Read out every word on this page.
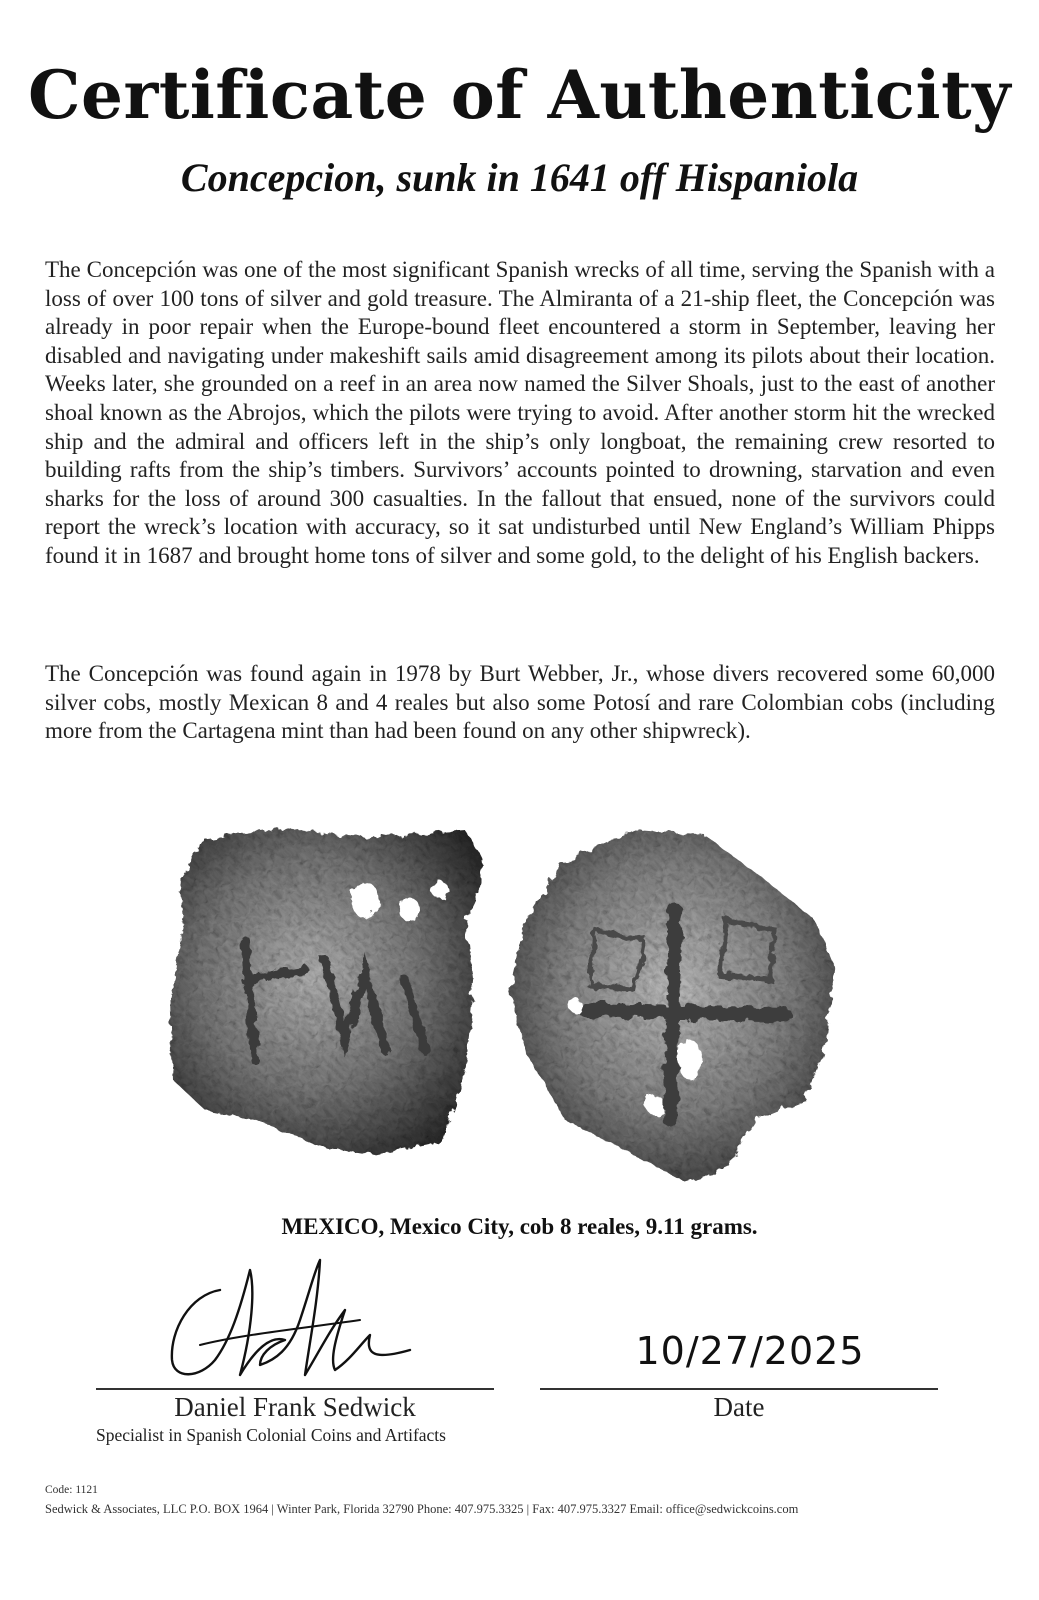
Certificate of Authenticity
Concepcion, sunk in 1641 off Hispaniola

The Concepción was one of the most significant Spanish wrecks of all time, serving the Spanish with a loss of over 100 tons of silver and gold treasure. The Almiranta of a 21-ship fleet, the Concepción was already in poor repair when the Europe-bound fleet encountered a storm in September, leaving her disabled and navigating under makeshift sails amid disagreement among its pilots about their location. Weeks later, she grounded on a reef in an area now named the Silver Shoals, just to the east of another shoal known as the Abrojos, which the pilots were trying to avoid. After another storm hit the wrecked ship and the admiral and officers left in the ship’s only longboat, the remaining crew resorted to building rafts from the ship’s timbers. Survivors’ accounts pointed to drowning, starvation and even sharks for the loss of around 300 casualties. In the fallout that ensued, none of the survivors could report the wreck’s location with accuracy, so it sat undisturbed until New England’s William Phipps found it in 1687 and brought home tons of silver and some gold, to the delight of his English backers.

The Concepción was found again in 1978 by Burt Webber, Jr., whose divers recovered some 60,000 silver cobs, mostly Mexican 8 and 4 reales but also some Potosí and rare Colombian cobs (including more from the Cartagena mint than had been found on any other shipwreck).

MEXICO, Mexico City, cob 8 reales, 9.11 grams.

10/27/2025

Daniel Frank Sedwick

Specialist in Spanish Colonial Coins and Artifacts

Date

Code: 1121

Sedwick & Associates, LLC P.O. BOX 1964 | Winter Park, Florida 32790 Phone: 407.975.3325 | Fax: 407.975.3327 Email: office@sedwickcoins.com
